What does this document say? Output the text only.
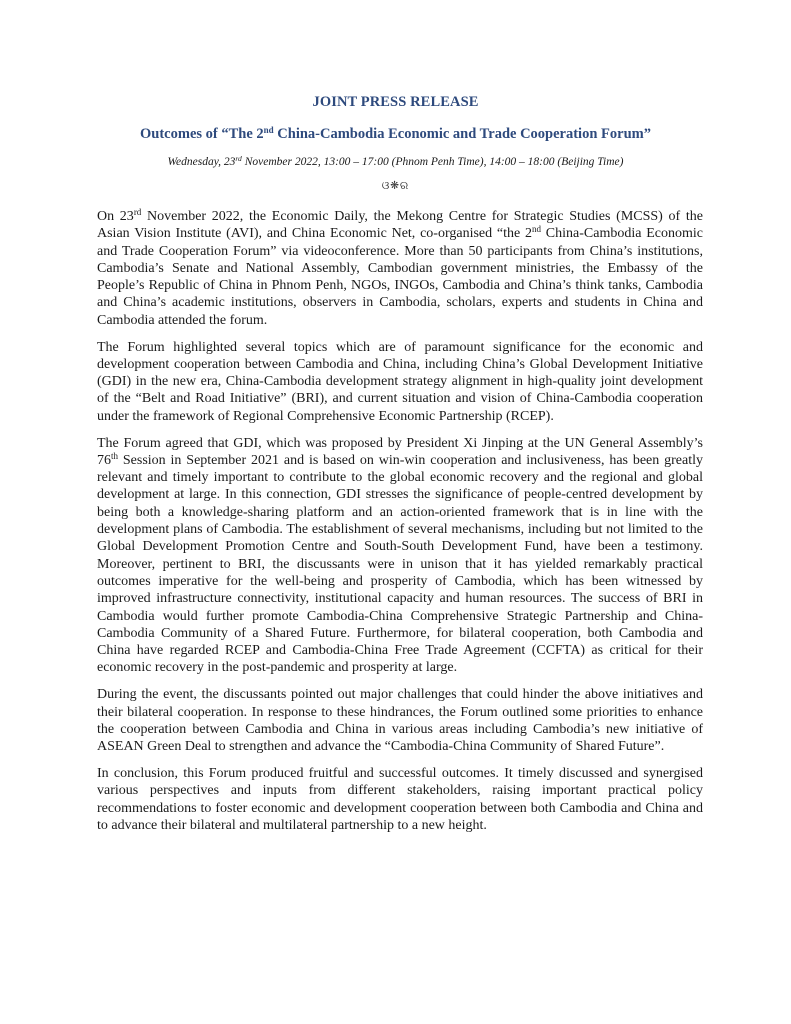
JOINT PRESS RELEASE
Outcomes of “The 2nd China-Cambodia Economic and Trade Cooperation Forum”
Wednesday, 23rd November 2022, 13:00 – 17:00 (Phnom Penh Time), 14:00 – 18:00 (Beijing Time)
ଓ❋ର

On 23rd November 2022, the Economic Daily, the Mekong Centre for Strategic Studies (MCSS) of the Asian Vision Institute (AVI), and China Economic Net, co-organised “the 2nd China-Cambodia Economic and Trade Cooperation Forum” via videoconference. More than 50 participants from China’s institutions, Cambodia’s Senate and National Assembly, Cambodian government ministries, the Embassy of the People’s Republic of China in Phnom Penh, NGOs, INGOs, Cambodia and China’s think tanks, Cambodia and China’s academic institutions, observers in Cambodia, scholars, experts and students in China and Cambodia attended the forum.

The Forum highlighted several topics which are of paramount significance for the economic and development cooperation between Cambodia and China, including China’s Global Development Initiative (GDI) in the new era, China-Cambodia development strategy alignment in high-quality joint development of the “Belt and Road Initiative” (BRI), and current situation and vision of China-Cambodia cooperation under the framework of Regional Comprehensive Economic Partnership (RCEP).

The Forum agreed that GDI, which was proposed by President Xi Jinping at the UN General Assembly’s 76th Session in September 2021 and is based on win-win cooperation and inclusiveness, has been greatly relevant and timely important to contribute to the global economic recovery and the regional and global development at large. In this connection, GDI stresses the significance of people-centred development by being both a knowledge-sharing platform and an action-oriented framework that is in line with the development plans of Cambodia. The establishment of several mechanisms, including but not limited to the Global Development Promotion Centre and South-South Development Fund, have been a testimony. Moreover, pertinent to BRI, the discussants were in unison that it has yielded remarkably practical outcomes imperative for the well-being and prosperity of Cambodia, which has been witnessed by improved infrastructure connectivity, institutional capacity and human resources. The success of BRI in Cambodia would further promote Cambodia-China Comprehensive Strategic Partnership and China-Cambodia Community of a Shared Future. Furthermore, for bilateral cooperation, both Cambodia and China have regarded RCEP and Cambodia-China Free Trade Agreement (CCFTA) as critical for their economic recovery in the post-pandemic and prosperity at large.

During the event, the discussants pointed out major challenges that could hinder the above initiatives and their bilateral cooperation. In response to these hindrances, the Forum outlined some priorities to enhance the cooperation between Cambodia and China in various areas including Cambodia’s new initiative of ASEAN Green Deal to strengthen and advance the “Cambodia-China Community of Shared Future”.

In conclusion, this Forum produced fruitful and successful outcomes. It timely discussed and synergised various perspectives and inputs from different stakeholders, raising important practical policy recommendations to foster economic and development cooperation between both Cambodia and China and to advance their bilateral and multilateral partnership to a new height.
